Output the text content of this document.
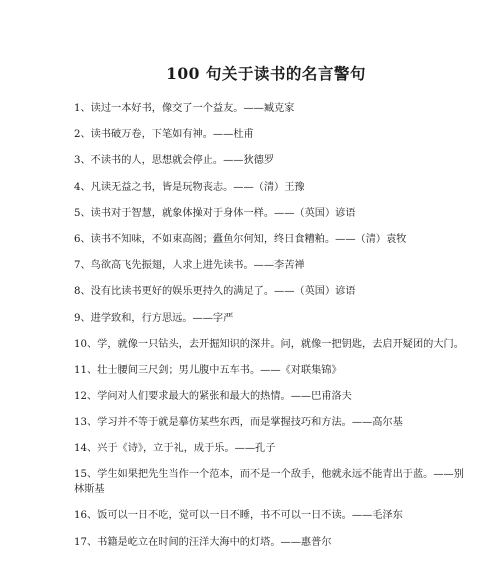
100 句关于读书的名言警句
1、读过一本好书，像交了一个益友。——臧克家
2、读书破万卷，下笔如有神。——杜甫
3、不读书的人，思想就会停止。——狄德罗
4、凡读无益之书，皆是玩物丧志。——（清）王豫
5、读书对于智慧，就象体操对于身体一样。——（英国）谚语
6、读书不知味，不如束高阁；蠹鱼尔何知，终日食糟粕。——（清）袁牧
7、鸟欲高飞先振翅，人求上进先读书。——李苦禅
8、没有比读书更好的娱乐更持久的满足了。——（英国）谚语
9、进学致和，行方思远。——字严
10、学，就像一只钻头，去开掘知识的深井。问，就像一把钥匙，去启开疑团的大门。
11、壮士腰间三尺剑；男儿腹中五车书。——《对联集锦》
12、学问对人们要求最大的紧张和最大的热情。——巴甫洛夫
13、学习并不等于就是摹仿某些东西，而是掌握技巧和方法。——高尔基
14、兴于《诗》，立于礼，成于乐。——孔子
15、学生如果把先生当作一个范本，而不是一个敌手，他就永远不能青出于蓝。——别林斯基
16、饭可以一日不吃，觉可以一日不睡，书不可以一日不读。——毛泽东
17、书籍是屹立在时间的汪洋大海中的灯塔。——惠普尔
